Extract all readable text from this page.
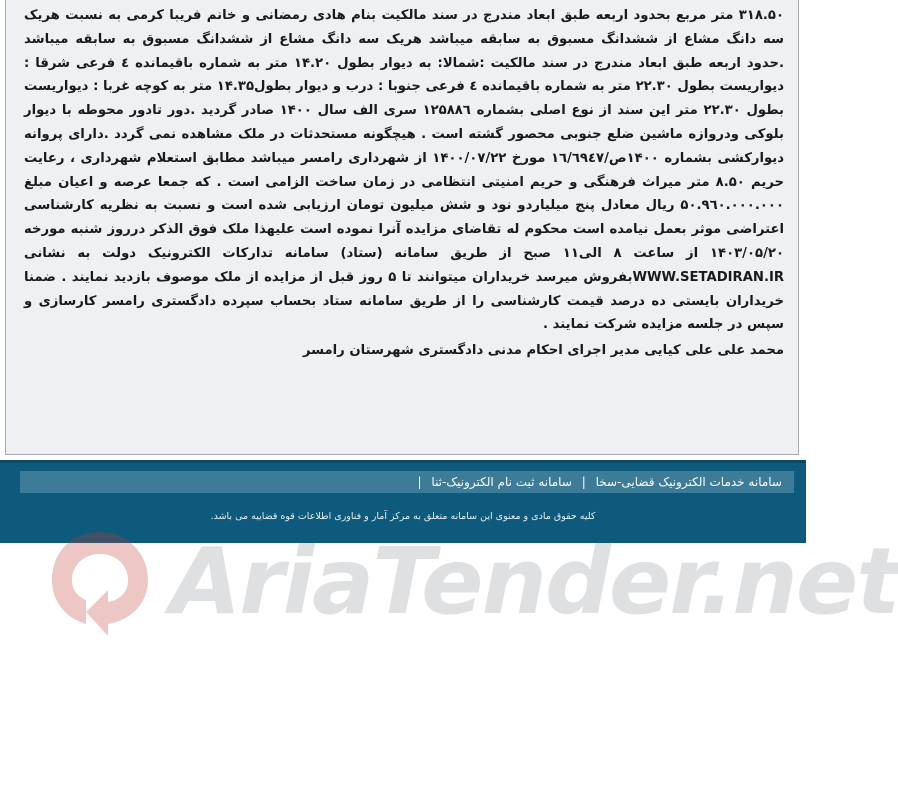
۳۱۸.۵۰ متر مربع بحدود اربعه طبق ابعاد مندرج در سند مالکیت بنام هادی رمضانی و خانم فریبا کرمی به نسبت هریک سه دانگ مشاع از ششدانگ مسبوق به سابقه میباشد هریک سه دانگ مشاع از ششدانگ مسبوق به سابقه میباشد .حدود اربعه طبق ابعاد مندرج در سند مالکیت :شمالا: به دیوار بطول ۱۴.۲۰ متر به شماره باقیمانده ٤ فرعی شرقا : دیواریست بطول ۲۲.۳۰ متر به شماره باقیمانده ٤ فرعی جنوبا : درب و دیوار بطول۱۴.۳۵ متر به کوچه غربا : دیواریست بطول ۲۲.۳۰ متر این سند از نوع اصلی بشماره ۱۲۵۸۸٦ سری الف سال ۱۴۰۰ صادر گردید .دور تادور محوطه با دیوار بلوکی ودروازه ماشین ضلع جنوبی محصور گشته است . هیچگونه مستحدثات در ملک مشاهده نمی گردد .دارای پروانه دیوارکشی بشماره ۱۴۰۰ص/۱٦/٦۹٤۷ مورخ ۱۴۰۰/۰۷/۲۲ از شهرداری رامسر میباشد مطابق استعلام شهرداری ، رعایت حریم ۸.۵۰ متر میراث فرهنگی و حریم امنیتی انتظامی در زمان ساخت الزامی است . که جمعا عرصه و اعیان مبلغ ۵۰.۹٦۰.۰۰۰.۰۰۰ ریال معادل پنج میلیاردو نود و شش میلیون تومان ارزیابی شده است و نسبت به نظریه کارشناسی اعتراضی موثر بعمل نیامده است محکوم له تقاضای مزایده آنرا نموده است علیهذا ملک فوق الذکر درروز شنبه مورخه ۱۴۰۳/۰۵/۲۰ از ساعت ۸ الی۱۱ صبح از طریق سامانه (ستاد) سامانه تدارکات الکترونیک دولت به نشانی WWW.SETADIRAN.IRبفروش میرسد خریداران میتوانند تا ۵ روز قبل از مزایده از ملک موصوف بازدید نمایند . ضمنا خریداران بایستی ده درصد قیمت کارشناسی را از طریق سامانه ستاد بحساب سپرده دادگستری رامسر کارسازی و سپس در جلسه مزایده شرکت نمایند .

محمد علی علی کیایی مدیر اجرای احکام مدنی دادگستری شهرستان رامسر
سامانه خدمات الکترونیک قضایی-سخا | سامانه ثبت نام الکترونیک-ثنا |
کلیه حقوق مادی و معنوی این سامانه متعلق به مرکز آمار و فناوری اطلاعات قوه قضاییه می باشد.
AriaTender.net
